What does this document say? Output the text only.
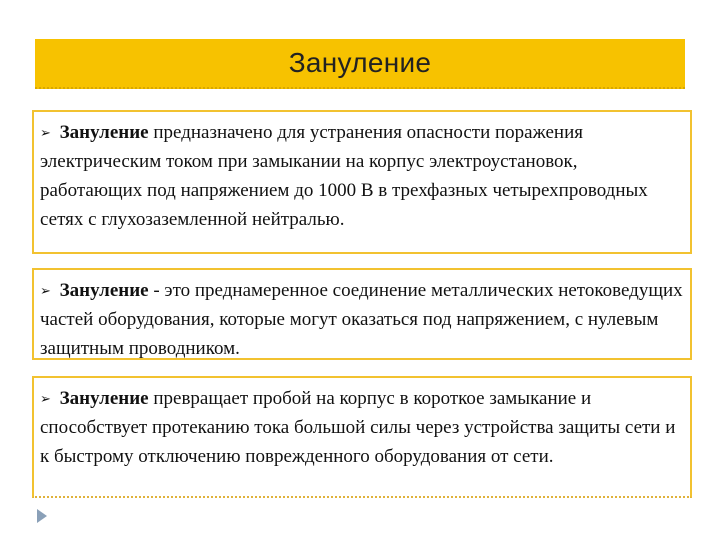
Зануление
➢ Зануление предназначено для устранения опасности поражения электрическим током при замыкании на корпус электроустановок, работающих под напряжением до 1000 В в трехфазных четырехпроводных сетях с глухозаземленной нейтралью.
➢ Зануление - это преднамеренное соединение металлических нетоковедущих частей оборудования, которые могут оказаться под напряжением, с нулевым защитным проводником.
➢ Зануление превращает пробой на корпус в короткое замыкание и способствует протеканию тока большой силы через устройства защиты сети и к быстрому отключению поврежденного оборудования от сети.
